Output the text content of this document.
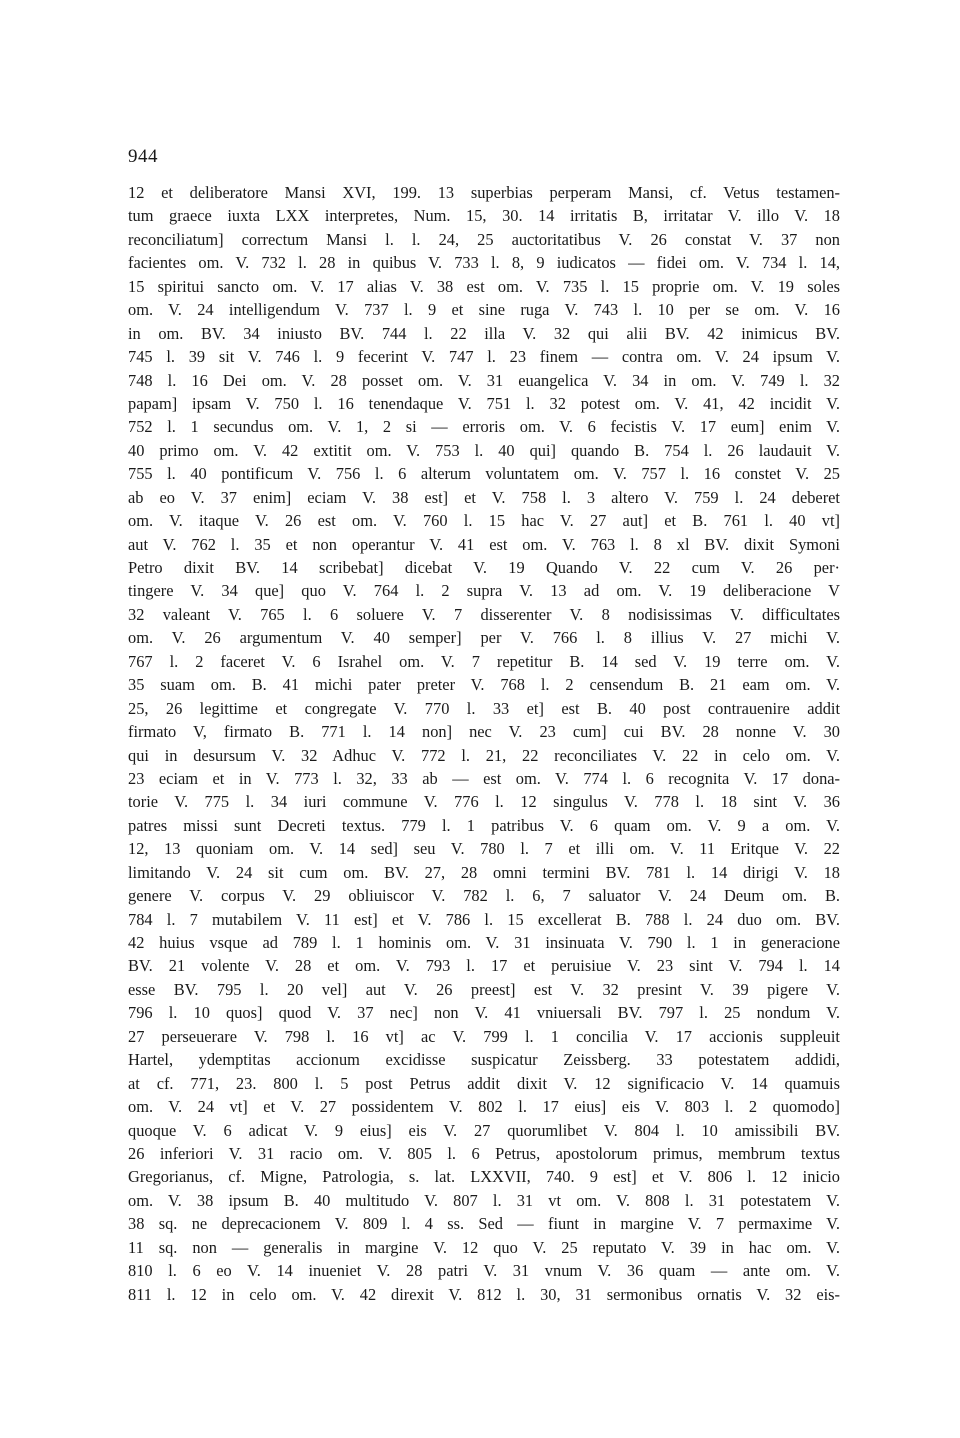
944
12 et deliberatore Mansi XVI, 199. 13 superbias perperam Mansi, cf. Vetus testamen-
tum graece iuxta LXX interpretes, Num. 15, 30. 14 irritatis B, irritatar V. illo V. 18
reconciliatum] correctum Mansi l. l. 24, 25 auctoritatibus V. 26 constat V. 37 non
facientes om. V. 732 l. 28 in quibus V. 733 l. 8, 9 iudicatos — fidei om. V. 734 l. 14,
15 spiritui sancto om. V. 17 alias V. 38 est om. V. 735 l. 15 proprie om. V. 19 soles
om. V. 24 intelligendum V. 737 l. 9 et sine ruga V. 743 l. 10 per se om. V. 16
in om. BV. 34 iniusto BV. 744 l. 22 illa V. 32 qui alii BV. 42 inimicus BV.
745 l. 39 sit V. 746 l. 9 fecerint V. 747 l. 23 finem — contra om. V. 24 ipsum V.
748 l. 16 Dei om. V. 28 posset om. V. 31 euangelica V. 34 in om. V. 749 l. 32
papam] ipsam V. 750 l. 16 tenendaque V. 751 l. 32 potest om. V. 41, 42 incidit V.
752 l. 1 secundus om. V. 1, 2 si — erroris om. V. 6 fecistis V. 17 eum] enim V.
40 primo om. V. 42 extitit om. V. 753 l. 40 qui] quando B. 754 l. 26 laudauit V.
755 l. 40 pontificum V. 756 l. 6 alterum voluntatem om. V. 757 l. 16 constet V. 25
ab eo V. 37 enim] eciam V. 38 est] et V. 758 l. 3 altero V. 759 l. 24 deberet
om. V. itaque V. 26 est om. V. 760 l. 15 hac V. 27 aut] et B. 761 l. 40 vt]
aut V. 762 l. 35 et non operantur V. 41 est om. V. 763 l. 8 xl BV. dixit Symoni
Petro dixit BV. 14 scribebat] dicebat V. 19 Quando V. 22 cum V. 26 per·
tingere V. 34 que] quo V. 764 l. 2 supra V. 13 ad om. V. 19 deliberacione V
32 valeant V. 765 l. 6 soluere V. 7 disserenter V. 8 nodisissimas V. difficultates
om. V. 26 argumentum V. 40 semper] per V. 766 l. 8 illius V. 27 michi V.
767 l. 2 faceret V. 6 Israhel om. V. 7 repetitur B. 14 sed V. 19 terre om. V.
35 suam om. B. 41 michi pater preter V. 768 l. 2 censendum B. 21 eam om. V.
25, 26 legittime et congregate V. 770 l. 33 et] est B. 40 post contrauenire addit
firmato V, firmato B. 771 l. 14 non] nec V. 23 cum] cui BV. 28 nonne V. 30
qui in desursum V. 32 Adhuc V. 772 l. 21, 22 reconciliates V. 22 in celo om. V.
23 eciam et in V. 773 l. 32, 33 ab — est om. V. 774 l. 6 recognita V. 17 dona-
torie V. 775 l. 34 iuri commune V. 776 l. 12 singulus V. 778 l. 18 sint V. 36
patres missi sunt Decreti textus. 779 l. 1 patribus V. 6 quam om. V. 9 a om. V.
12, 13 quoniam om. V. 14 sed] seu V. 780 l. 7 et illi om. V. 11 Eritque V. 22
limitando V. 24 sit cum om. BV. 27, 28 omni termini BV. 781 l. 14 dirigi V. 18
genere V. corpus V. 29 obliuiscor V. 782 l. 6, 7 saluator V. 24 Deum om. B.
784 l. 7 mutabilem V. 11 est] et V. 786 l. 15 excellerat B. 788 l. 24 duo om. BV.
42 huius vsque ad 789 l. 1 hominis om. V. 31 insinuata V. 790 l. 1 in generacione
BV. 21 volente V. 28 et om. V. 793 l. 17 et peruisiue V. 23 sint V. 794 l. 14
esse BV. 795 l. 20 vel] aut V. 26 preest] est V. 32 presint V. 39 pigere V.
796 l. 10 quos] quod V. 37 nec] non V. 41 vniuersali BV. 797 l. 25 nondum V.
27 perseuerare V. 798 l. 16 vt] ac V. 799 l. 1 concilia V. 17 accionis suppleuit
Hartel, ydemptitas accionum excidisse suspicatur Zeissberg. 33 potestatem addidi,
at cf. 771, 23. 800 l. 5 post Petrus addit dixit V. 12 significacio V. 14 quamuis
om. V. 24 vt] et V. 27 possidentem V. 802 l. 17 eius] eis V. 803 l. 2 quomodo]
quoque V. 6 adicat V. 9 eius] eis V. 27 quorumlibet V. 804 l. 10 amissibili BV.
26 inferiori V. 31 racio om. V. 805 l. 6 Petrus, apostolorum primus, membrum textus
Gregorianus, cf. Migne, Patrologia, s. lat. LXXVII, 740. 9 est] et V. 806 l. 12 inicio
om. V. 38 ipsum B. 40 multitudo V. 807 l. 31 vt om. V. 808 l. 31 potestatem V.
38 sq. ne deprecacionem V. 809 l. 4 ss. Sed — fiunt in margine V. 7 permaxime V.
11 sq. non — generalis in margine V. 12 quo V. 25 reputato V. 39 in hac om. V.
810 l. 6 eo V. 14 inueniet V. 28 patri V. 31 vnum V. 36 quam — ante om. V.
811 l. 12 in celo om. V. 42 direxit V. 812 l. 30, 31 sermonibus ornatis V. 32 eis-
